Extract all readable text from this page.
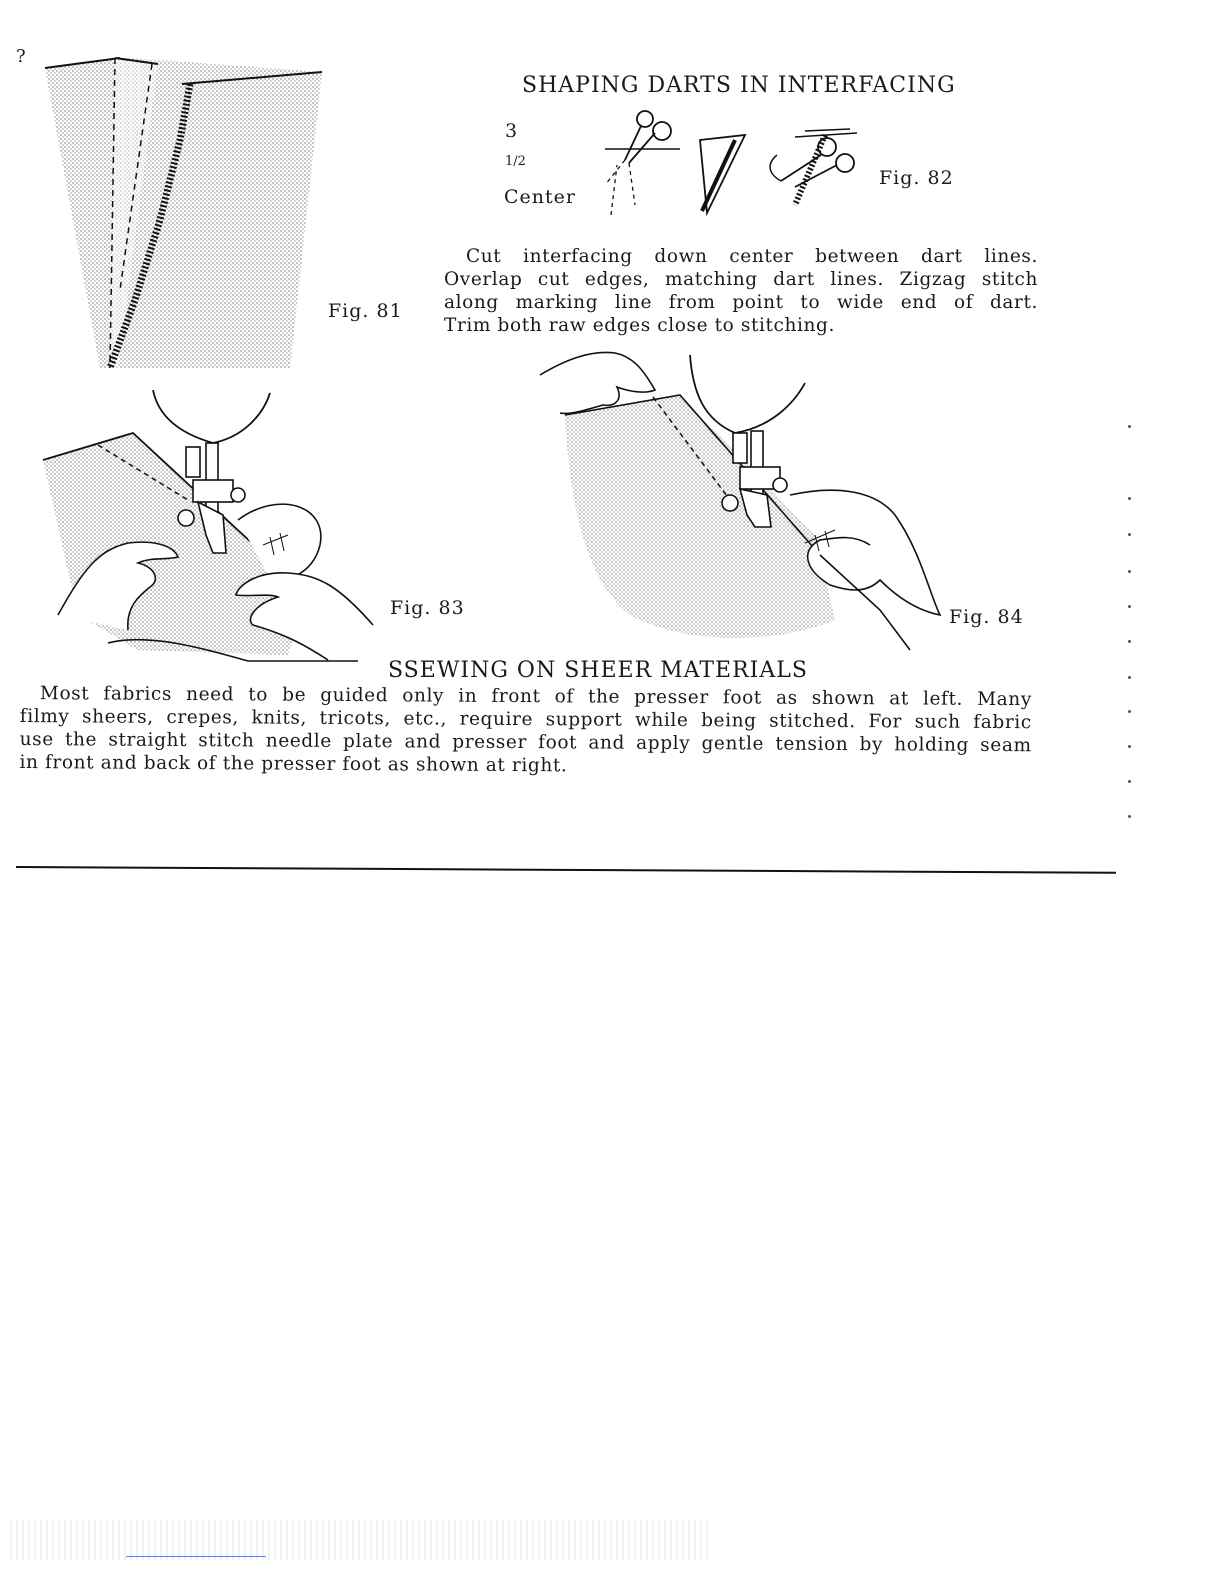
?
Fig. 81
SHAPING DARTS IN INTERFACING
3
1/2
Center
Fig. 82
Cut interfacing down center between dart lines.
Overlap cut edges, matching dart lines. Zigzag stitch
along marking line from point to wide end of dart.
Trim both raw edges close to stitching.
Fig. 83	Fig. 84
SSEWING ON SHEER MATERIALS
Most fabrics need to be guided only in front of the presser foot as shown at left. Many
filmy sheers, crepes, knits, tricots, etc., require support while being stitched. For such fabric
use the straight stitch needle plate and presser foot and apply gentle tension by holding seam
in front and back of the presser foot as shown at right.
